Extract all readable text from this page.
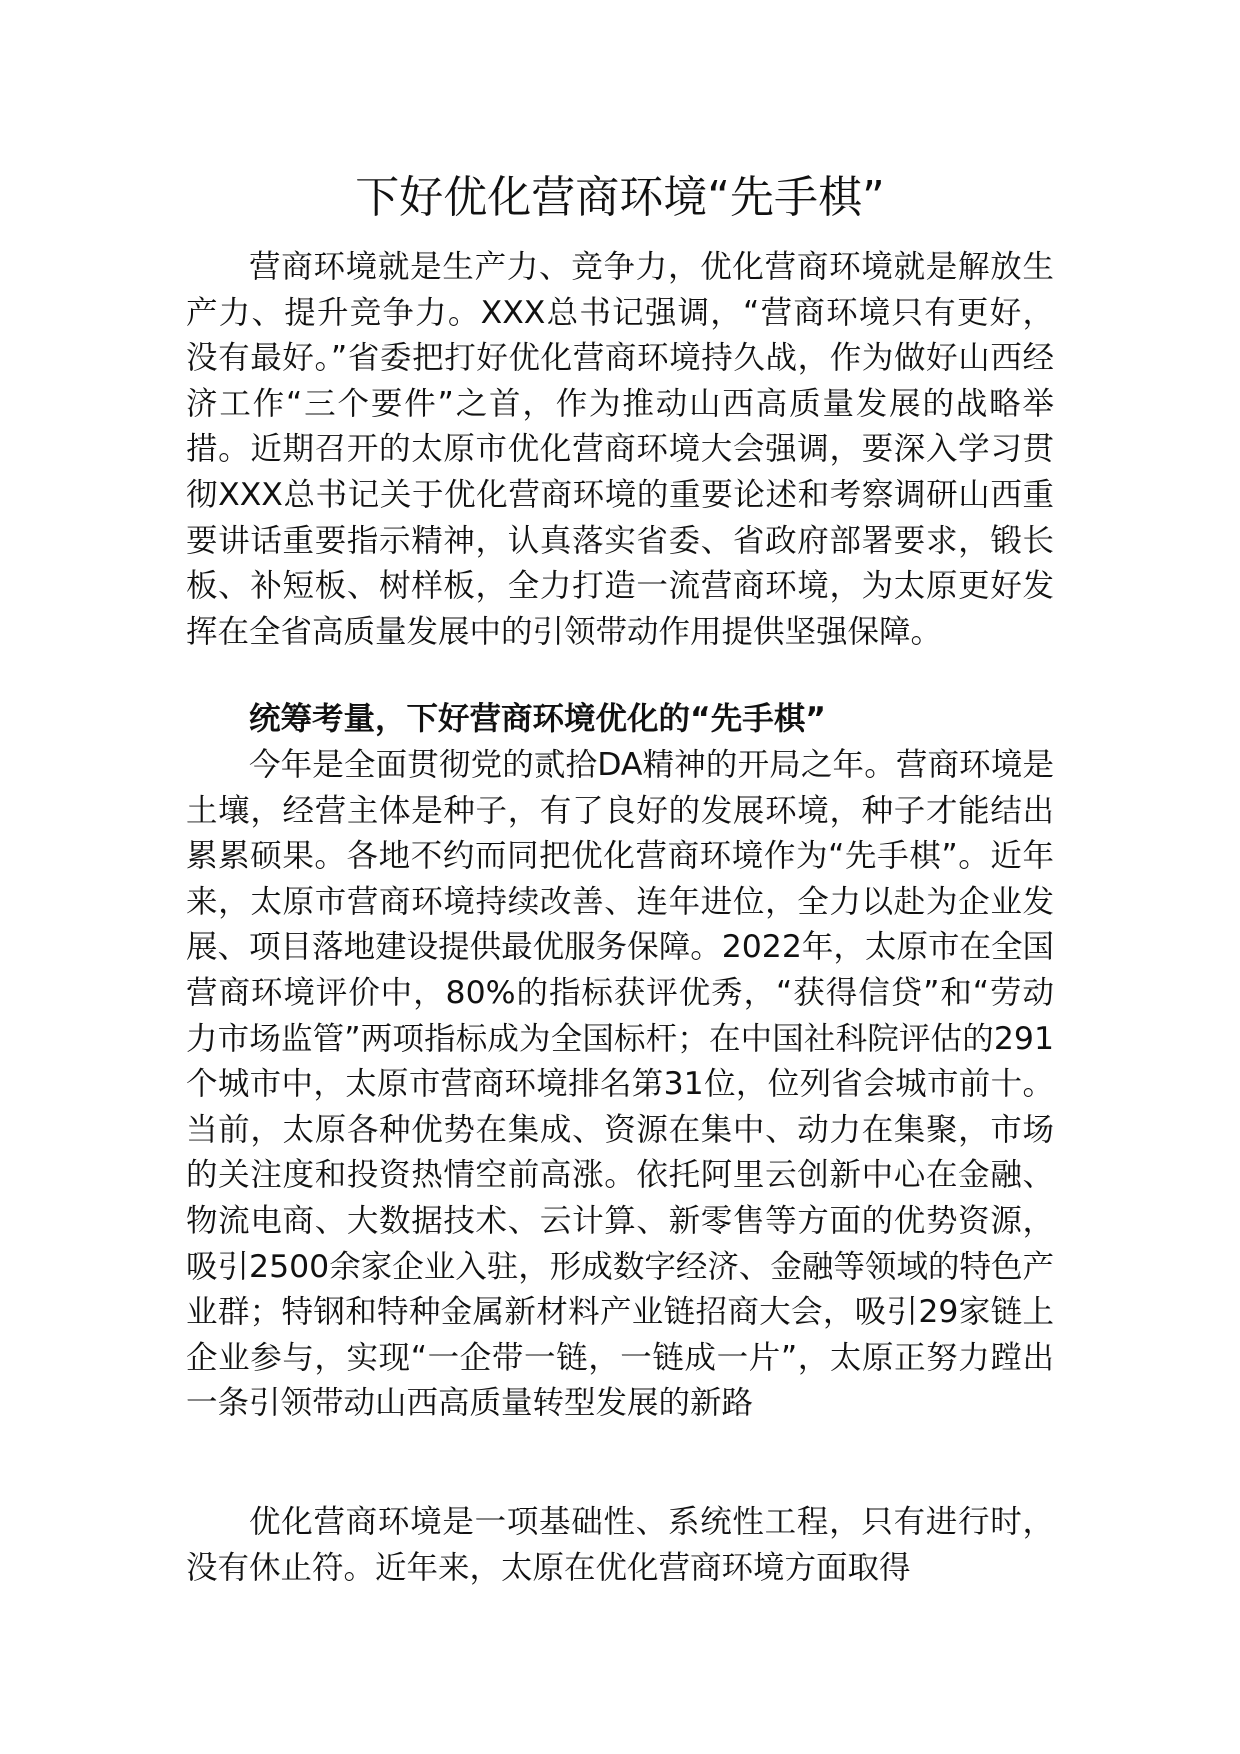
下好优化营商环境“先手棋”

营商环境就是生产力、竞争力，优化营商环境就是解放生产力、提升竞争力。XXX总书记强调，“营商环境只有更好，没有最好。”省委把打好优化营商环境持久战，作为做好山西经济工作“三个要件”之首，作为推动山西高质量发展的战略举措。近期召开的太原市优化营商环境大会强调，要深入学习贯彻XXX总书记关于优化营商环境的重要论述和考察调研山西重要讲话重要指示精神，认真落实省委、省政府部署要求，锻长板、补短板、树样板，全力打造一流营商环境，为太原更好发挥在全省高质量发展中的引领带动作用提供坚强保障。

统筹考量，下好营商环境优化的“先手棋”

今年是全面贯彻党的贰拾DA精神的开局之年。营商环境是土壤，经营主体是种子，有了良好的发展环境，种子才能结出累累硕果。各地不约而同把优化营商环境作为“先手棋”。近年来，太原市营商环境持续改善、连年进位，全力以赴为企业发展、项目落地建设提供最优服务保障。2022年，太原市在全国营商环境评价中，80%的指标获评优秀，“获得信贷”和“劳动力市场监管”两项指标成为全国标杆；在中国社科院评估的291个城市中，太原市营商环境排名第31位，位列省会城市前十。当前，太原各种优势在集成、资源在集中、动力在集聚，市场的关注度和投资热情空前高涨。依托阿里云创新中心在金融、物流电商、大数据技术、云计算、新零售等方面的优势资源，吸引2500余家企业入驻，形成数字经济、金融等领域的特色产业群；特钢和特种金属新材料产业链招商大会，吸引29家链上企业参与，实现“一企带一链，一链成一片”，太原正努力蹚出一条引领带动山西高质量转型发展的新路

优化营商环境是一项基础性、系统性工程，只有进行时，没有休止符。近年来，太原在优化营商环境方面取得
